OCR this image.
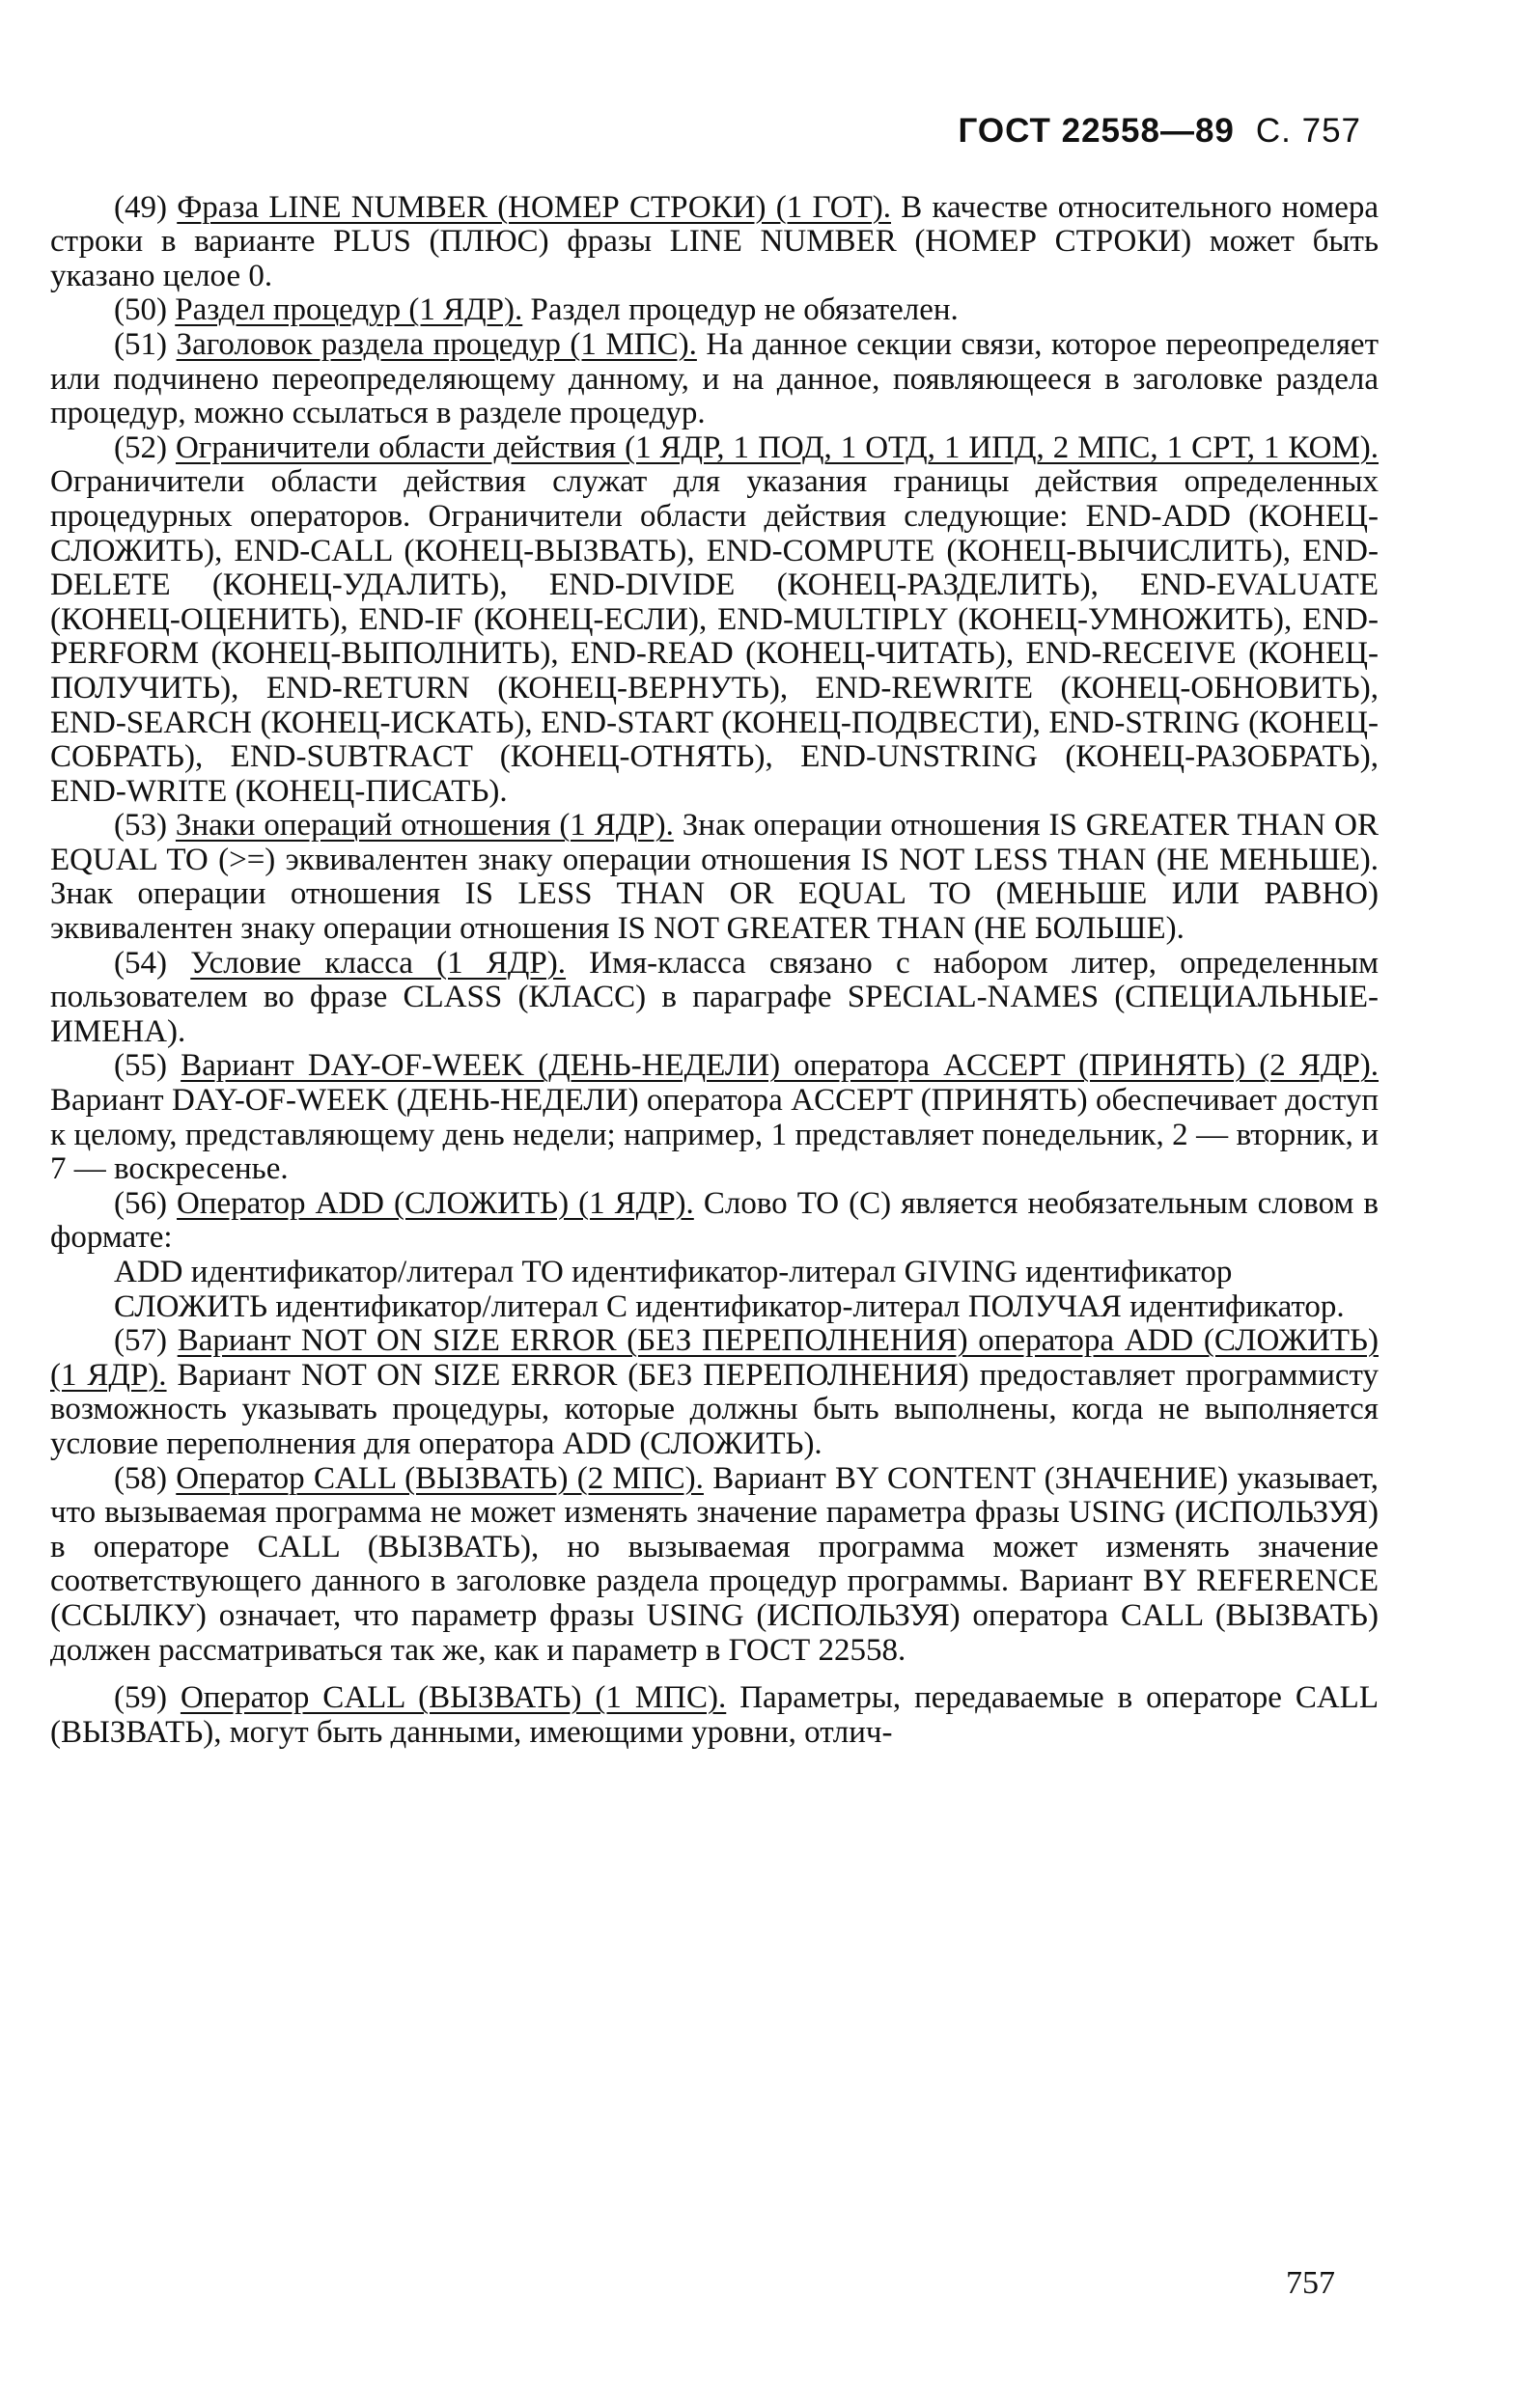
ГОСТ 22558—89 С. 757

(49) Фраза LINE NUMBER (НОМЕР СТРОКИ) (1 ГОТ). В качестве относительного номера строки в варианте PLUS (ПЛЮС) фразы LINE NUMBER (НОМЕР СТРОКИ) может быть указано целое 0.

(50) Раздел процедур (1 ЯДР). Раздел процедур не обязателен.

(51) Заголовок раздела процедур (1 МПС). На данное секции связи, которое переопределяет или подчинено переопределяющему данному, и на данное, появляющееся в заголовке раздела процедур, можно ссылаться в разделе процедур.

(52) Ограничители области действия (1 ЯДР, 1 ПОД, 1 ОТД, 1 ИПД, 2 МПС, 1 СРТ, 1 КОМ). Ограничители области действия служат для указания границы действия определенных процедурных операторов. Ограничители области действия следующие: END-ADD (КОНЕЦ-СЛОЖИТЬ), END-CALL (КОНЕЦ-ВЫЗВАТЬ), END-COMPUTE (КОНЕЦ-ВЫЧИСЛИТЬ), END-DELETE (КОНЕЦ-УДАЛИТЬ), END-DIVIDE (КОНЕЦ-РАЗДЕЛИТЬ), END-EVALUATE (КОНЕЦ-ОЦЕНИТЬ), END-IF (КОНЕЦ-ЕСЛИ), END-MULTIPLY (КОНЕЦ-УМНОЖИТЬ), END-PERFORM (КОНЕЦ-ВЫПОЛНИТЬ), END-READ (КОНЕЦ-ЧИТАТЬ), END-RECEIVE (КОНЕЦ-ПОЛУЧИТЬ), END-RETURN (КОНЕЦ-ВЕРНУТЬ), END-REWRITE (КОНЕЦ-ОБНОВИТЬ), END-SEARCH (КОНЕЦ-ИСКАТЬ), END-START (КОНЕЦ-ПОДВЕСТИ), END-STRING (КОНЕЦ-СОБРАТЬ), END-SUBTRACT (КОНЕЦ-ОТНЯТЬ), END-UNSTRING (КОНЕЦ-РАЗОБРАТЬ), END-WRITE (КОНЕЦ-ПИСАТЬ).

(53) Знаки операций отношения (1 ЯДР). Знак операции отношения IS GREATER THAN OR EQUAL TO (>=) эквивалентен знаку операции отношения IS NOT LESS THAN (НЕ МЕНЬШЕ). Знак операции отношения IS LESS THAN OR EQUAL TO (МЕНЬШЕ ИЛИ РАВНО) эквивалентен знаку операции отношения IS NOT GREATER THAN (НЕ БОЛЬШЕ).

(54) Условие класса (1 ЯДР). Имя-класса связано с набором литер, определенным пользователем во фразе CLASS (КЛАСС) в параграфе SPECIAL-NAMES (СПЕЦИАЛЬНЫЕ-ИМЕНА).

(55) Вариант DAY-OF-WEEK (ДЕНЬ-НЕДЕЛИ) оператора ACCEPT (ПРИНЯТЬ) (2 ЯДР). Вариант DAY-OF-WEEK (ДЕНЬ-НЕДЕЛИ) оператора ACCEPT (ПРИНЯТЬ) обеспечивает доступ к целому, представляющему день недели; например, 1 представляет понедельник, 2 — вторник, и 7 — воскресенье.

(56) Оператор ADD (СЛОЖИТЬ) (1 ЯДР). Слово TO (С) является необязательным словом в формате:

ADD идентификатор/литерал TO идентификатор-литерал GIVING идентификатор

СЛОЖИТЬ идентификатор/литерал С идентификатор-литерал ПОЛУЧАЯ идентификатор.

(57) Вариант NOT ON SIZE ERROR (БЕЗ ПЕРЕПОЛНЕНИЯ) оператора ADD (СЛОЖИТЬ) (1 ЯДР). Вариант NOT ON SIZE ERROR (БЕЗ ПЕРЕПОЛНЕНИЯ) предоставляет программисту возможность указывать процедуры, которые должны быть выполнены, когда не выполняется условие переполнения для оператора ADD (СЛОЖИТЬ).

(58) Оператор CALL (ВЫЗВАТЬ) (2 МПС). Вариант BY CONTENT (ЗНАЧЕНИЕ) указывает, что вызываемая программа не может изменять значение параметра фразы USING (ИСПОЛЬЗУЯ) в операторе CALL (ВЫЗВАТЬ), но вызываемая программа может изменять значение соответствующего данного в заголовке раздела процедур программы. Вариант BY REFERENCE (ССЫЛКУ) означает, что параметр фразы USING (ИСПОЛЬЗУЯ) оператора CALL (ВЫЗВАТЬ) должен рассматриваться так же, как и параметр в ГОСТ 22558.

(59) Оператор CALL (ВЫЗВАТЬ) (1 МПС). Параметры, передаваемые в операторе CALL (ВЫЗВАТЬ), могут быть данными, имеющими уровни, отлич-

757
